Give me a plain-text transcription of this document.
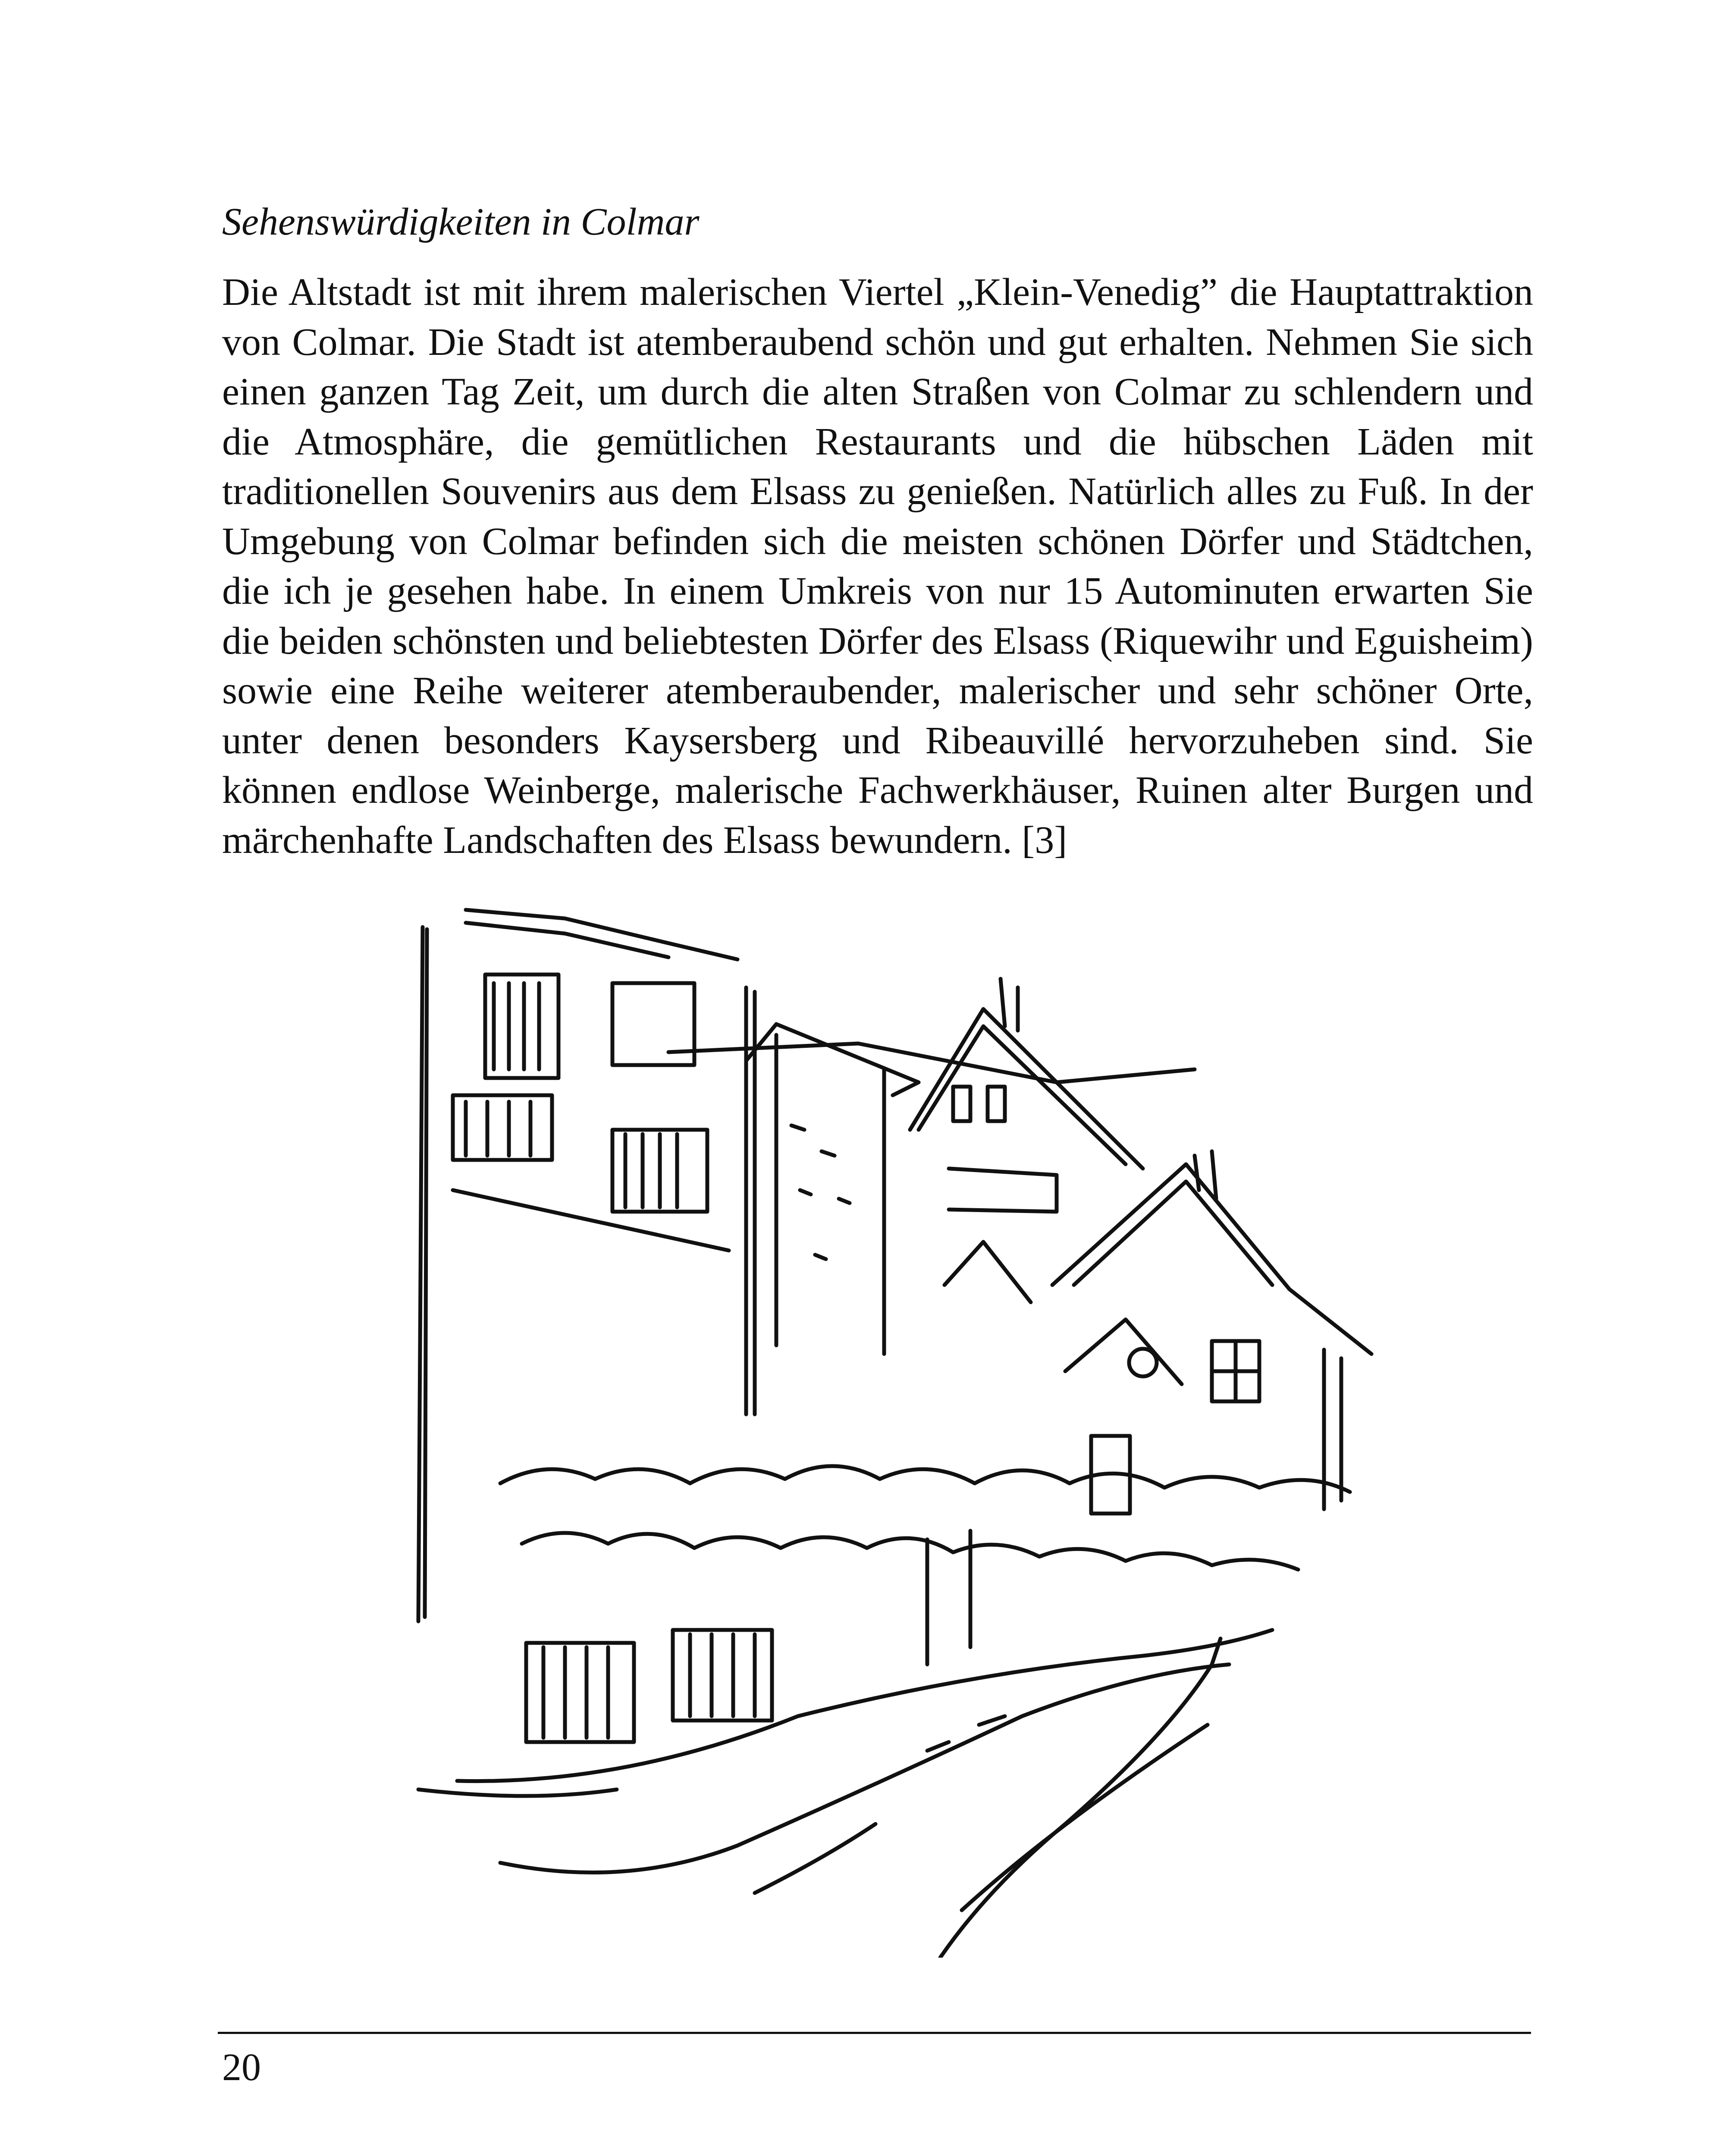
Sehenswürdigkeiten in Colmar

Die Altstadt ist mit ihrem malerischen Viertel „Klein-Venedig” die Hauptattraktion von Colmar. Die Stadt ist atemberaubend schön und gut erhalten. Nehmen Sie sich einen ganzen Tag Zeit, um durch die alten Straßen von Colmar zu schlendern und die Atmosphäre, die gemütlichen Restaurants und die hübschen Läden mit traditionellen Souvenirs aus dem Elsass zu genießen. Natürlich alles zu Fuß. In der Umgebung von Colmar befinden sich die meisten schönen Dörfer und Städtchen, die ich je gesehen habe. In einem Umkreis von nur 15 Autominuten erwarten Sie die beiden schönsten und beliebtesten Dörfer des Elsass (Riquewihr und Eguisheim) sowie eine Reihe weiterer atemberaubender, malerischer und sehr schöner Orte, unter denen besonders Kaysersberg und Ribeauvillé hervorzuheben sind. Sie können endlose Weinberge, malerische Fachwerkhäuser, Ruinen alter Burgen und märchenhafte Landschaften des Elsass bewundern. [3]

20
